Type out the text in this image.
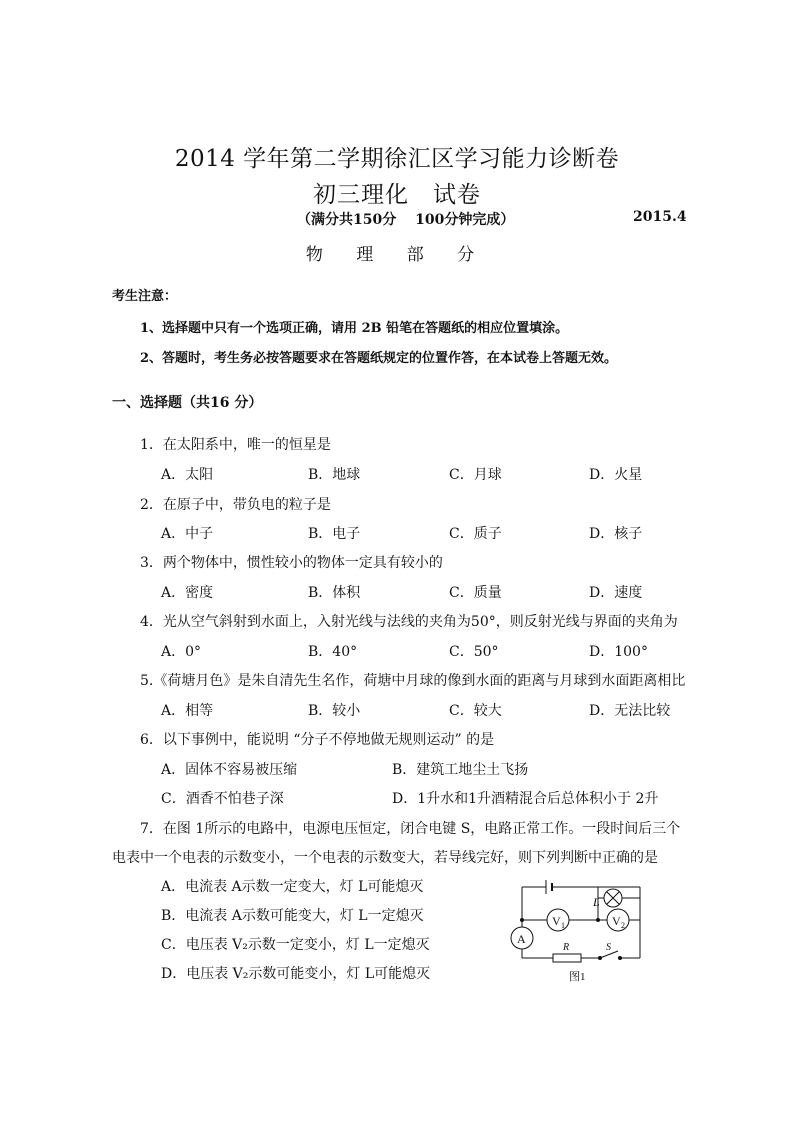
2014 学年第二学期徐汇区学习能力诊断卷
初三理化　试卷
（满分共150分　 100分钟完成）	2015.4
物 理 部 分
考生注意：
1、选择题中只有一个选项正确，请用 2B 铅笔在答题纸的相应位置填涂。
2、答题时，考生务必按答题要求在答题纸规定的位置作答，在本试卷上答题无效。
一、选择题（共16 分）
1．在太阳系中，唯一的恒星是
A．太阳	B．地球	C．月球	D．火星
2．在原子中，带负电的粒子是
A．中子	B．电子	C．质子	D．核子
3．两个物体中，惯性较小的物体一定具有较小的
A．密度	B．体积	C．质量	D．速度
4．光从空气斜射到水面上，入射光线与法线的夹角为50°，则反射光线与界面的夹角为
A．0°	B．40°	C．50°	D．100°
5.《荷塘月色》是朱自清先生名作，荷塘中月球的像到水面的距离与月球到水面距离相比
A．相等	B．较小	C．较大	D．无法比较
6．以下事例中，能说明 “分子不停地做无规则运动” 的是
A．固体不容易被压缩	B．建筑工地尘土飞扬
C．酒香不怕巷子深	D．1升水和1升酒精混合后总体积小于 2升
7．在图 1所示的电路中，电源电压恒定，闭合电键 S，电路正常工作。一段时间后三个
电表中一个电表的示数变小，一个电表的示数变大，若导线完好，则下列判断中正确的是
A．电流表 A示数一定变大，灯 L可能熄灭
B．电流表 A示数可能变大，灯 L一定熄灭
C．电压表 V₂示数一定变小，灯 L一定熄灭
D．电压表 V₂示数可能变小，灯 L可能熄灭
L
V 1	V 2
A
R	S
图1
